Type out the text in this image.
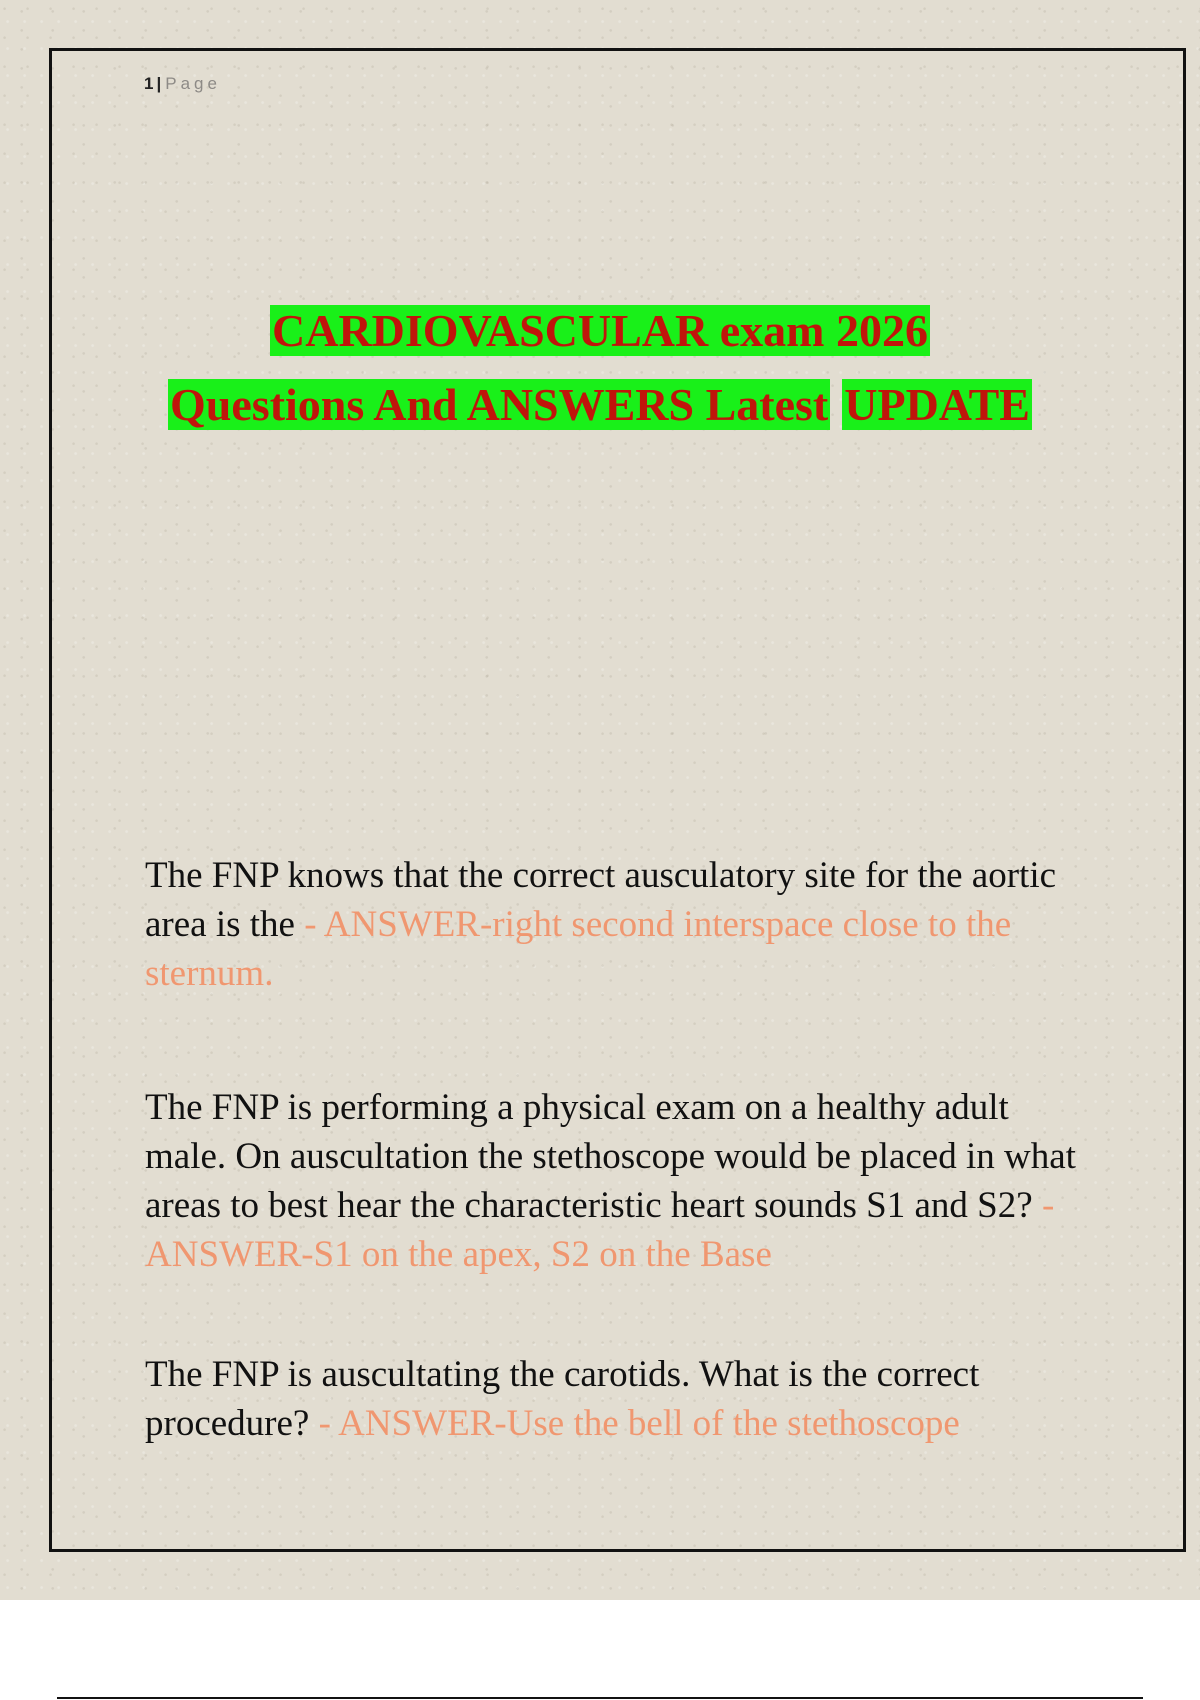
1 | Page
CARDIOVASCULAR exam 2026
Questions And ANSWERS Latest UPDATE

The FNP knows that the correct ausculatory site for the aortic area is the - ANSWER-right second interspace close to the sternum.

The FNP is performing a physical exam on a healthy adult male. On auscultation the stethoscope would be placed in what areas to best hear the characteristic heart sounds S1 and S2? - ANSWER-S1 on the apex, S2 on the Base

The FNP is auscultating the carotids. What is the correct procedure? - ANSWER-Use the bell of the stethoscope
